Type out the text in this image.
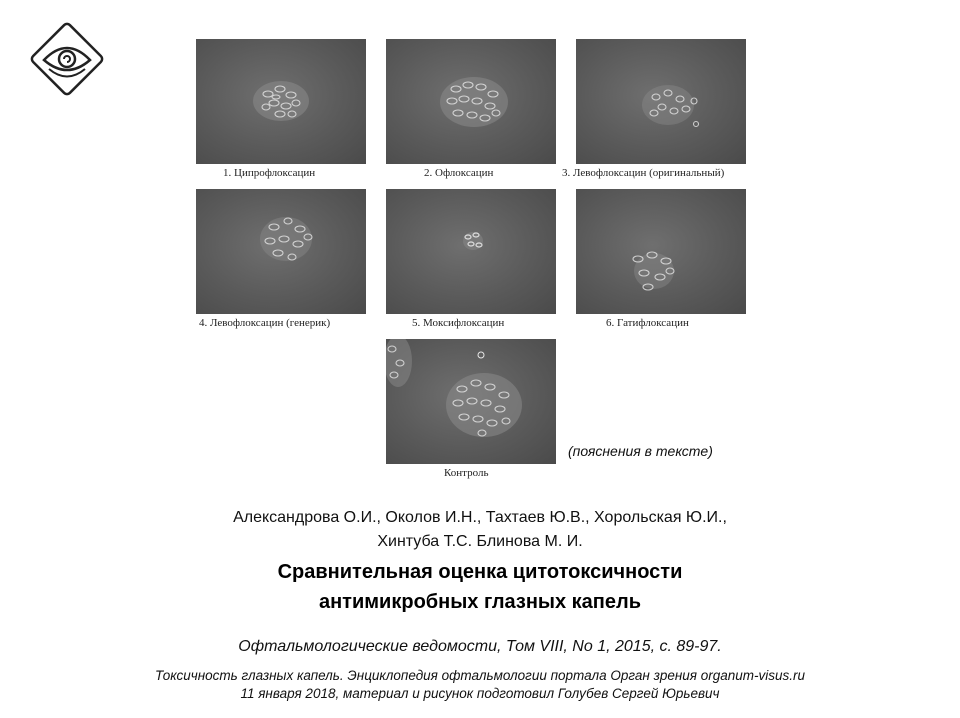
1. Ципрофлоксацин	2. Офлоксацин	3. Левофлоксацин (оригинальный)
4. Левофлоксацин (генерик)	5. Моксифлоксацин	6. Гатифлоксацин
Контроль
(пояснения в тексте)
Александрова О.И., Околов И.Н., Тахтаев Ю.В., Хорольская Ю.И.,
Хинтуба Т.С. Блинова М. И.
Сравнительная оценка цитотоксичности
антимикробных глазных капель
Офтальмологические ведомости, Том VIII, No 1, 2015, с. 89-97.
Токсичность глазных капель. Энциклопедия офтальмологии портала Орган зрения organum-visus.ru
11 января 2018, материал и рисунок подготовил Голубев Сергей Юрьевич
